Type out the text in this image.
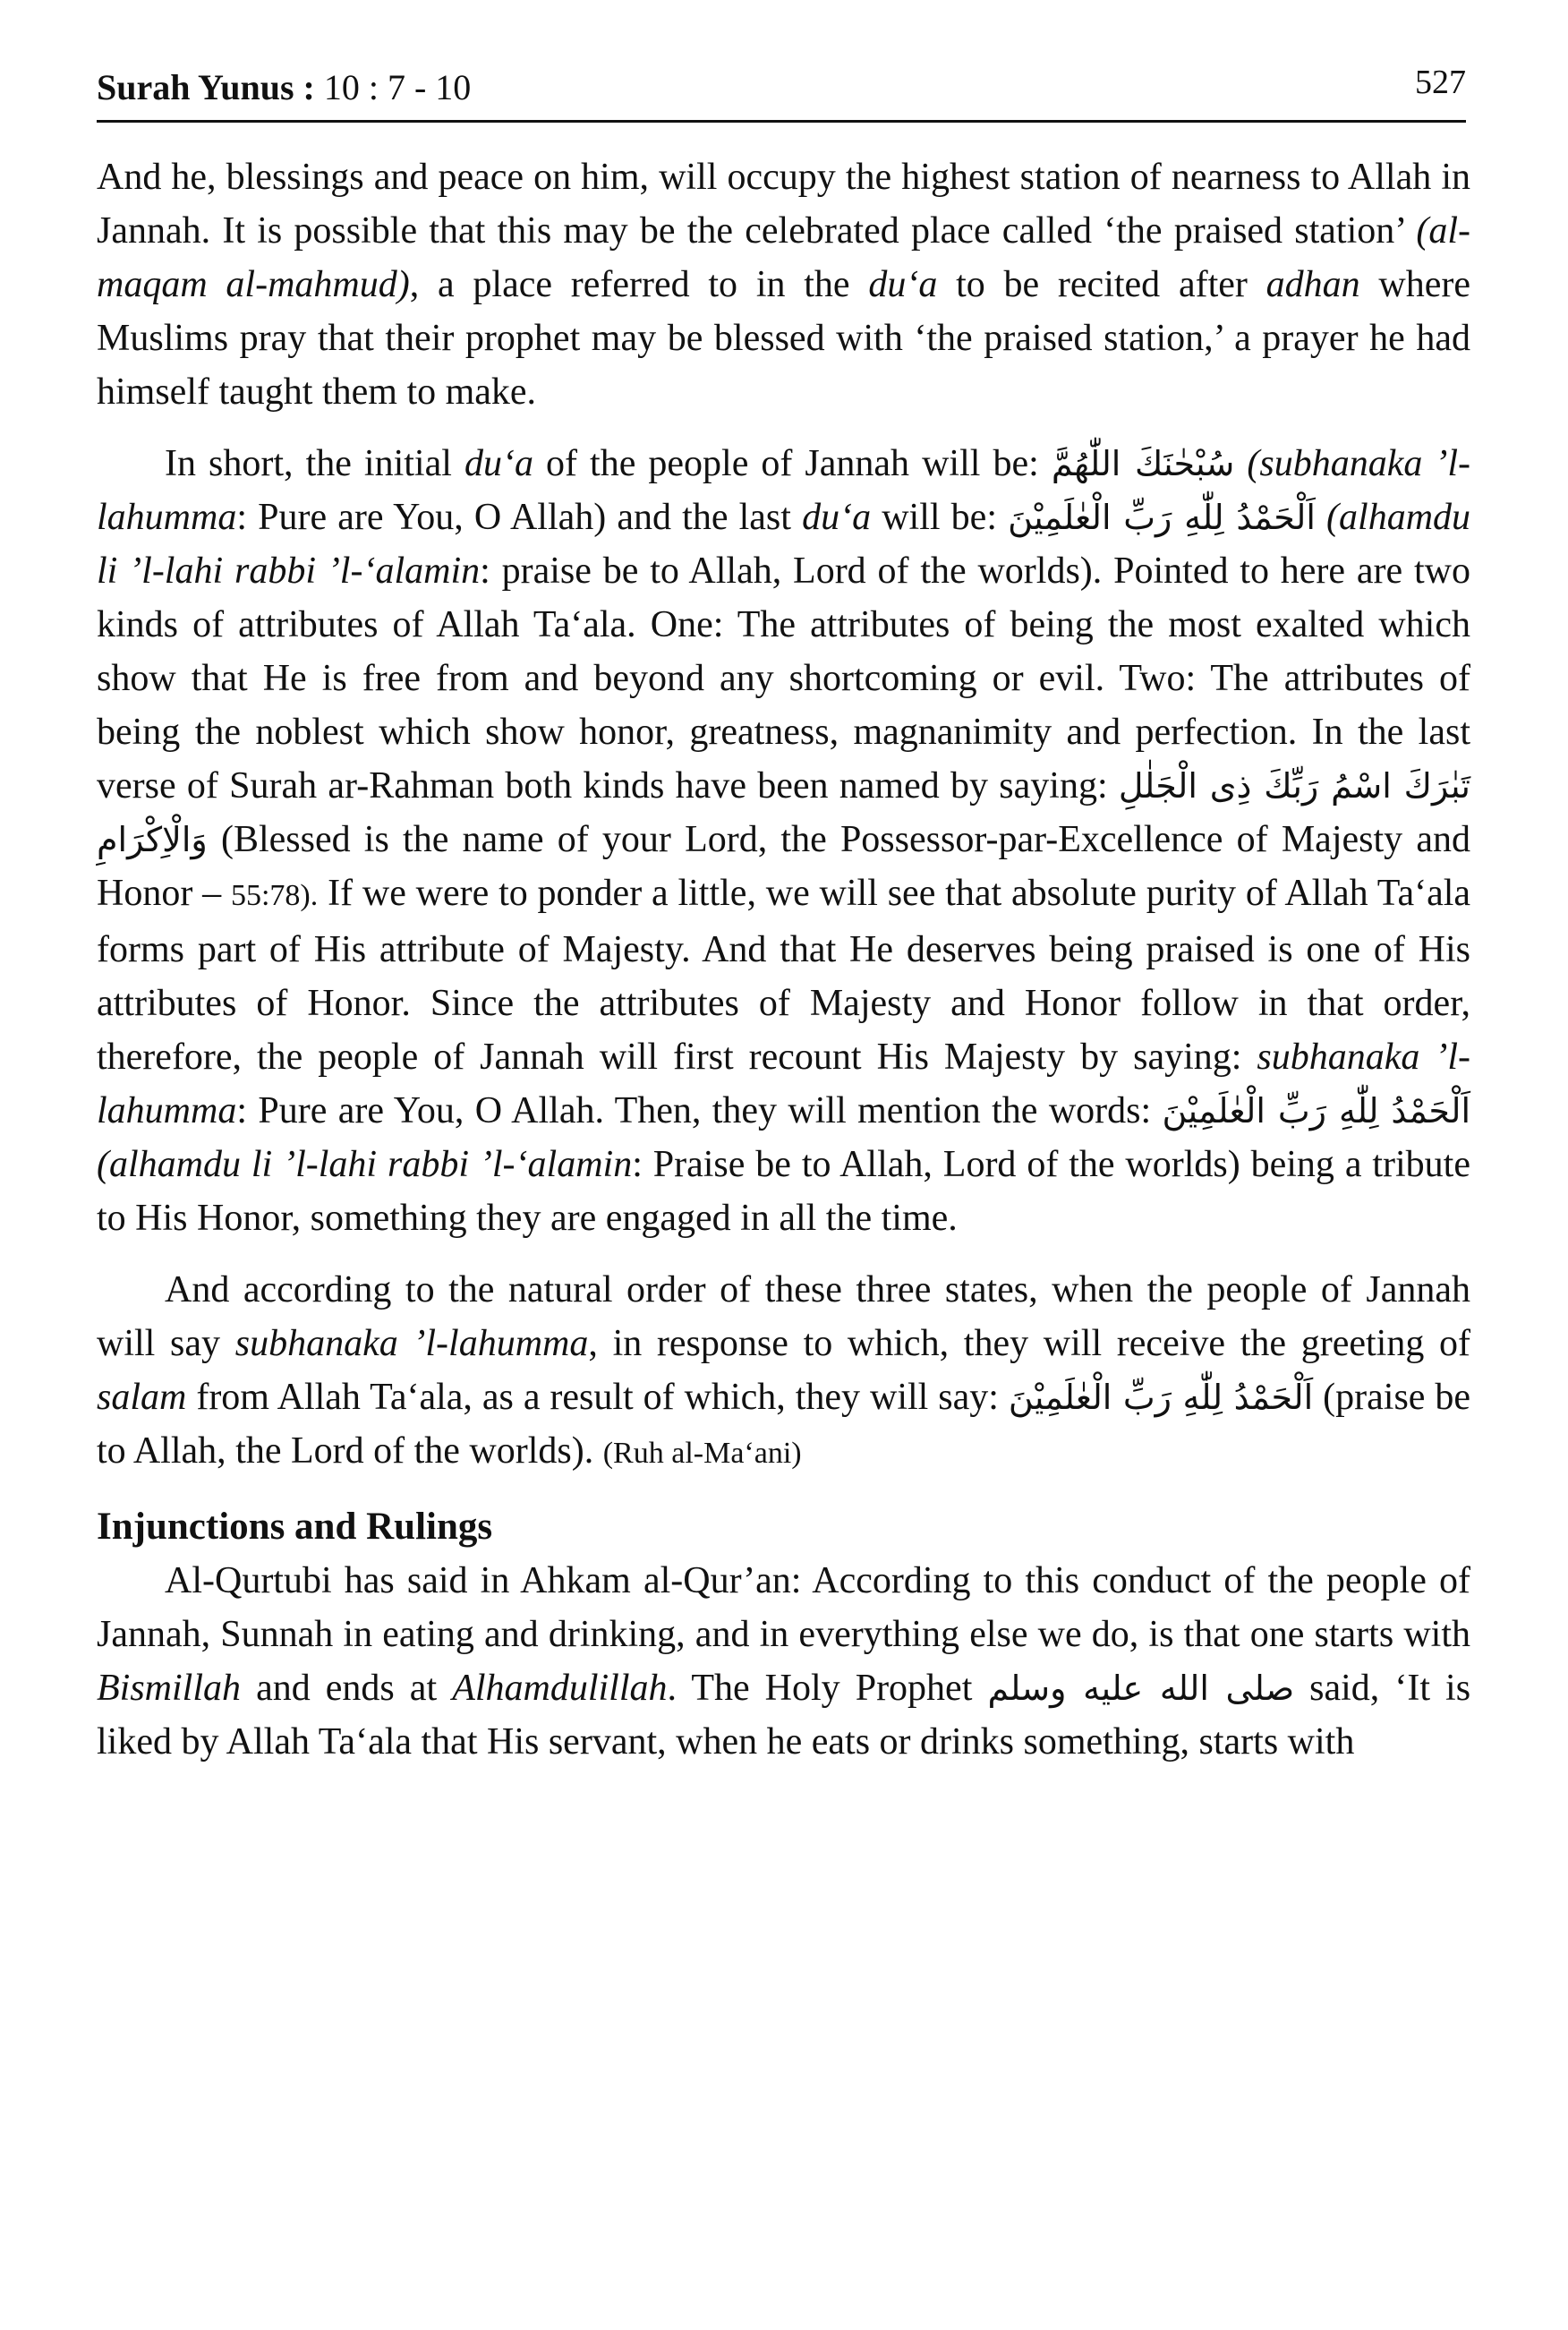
Surah Yunus : 10 : 7 - 10	527

And he, blessings and peace on him, will occupy the highest station of nearness to Allah in Jannah. It is possible that this may be the celebrated place called ‘the praised station’ (al-maqam al-mahmud), a place referred to in the du‘a to be recited after adhan where Muslims pray that their prophet may be blessed with ‘the praised station,’ a prayer he had himself taught them to make.

In short, the initial du‘a of the people of Jannah will be: سُبْحٰنَكَ اللّٰهُمَّ (subhanaka ’l-lahumma: Pure are You, O Allah) and the last du‘a will be: اَلْحَمْدُ لِلّٰهِ رَبِّ الْعٰلَمِيْنَ (alhamdu li ’l-lahi rabbi ’l-‘alamin: praise be to Allah, Lord of the worlds). Pointed to here are two kinds of attributes of Allah Ta‘ala. One: The attributes of being the most exalted which show that He is free from and beyond any shortcoming or evil. Two: The attributes of being the noblest which show honor, greatness, magnanimity and perfection. In the last verse of Surah ar-Rahman both kinds have been named by saying: تَبٰرَكَ اسْمُ رَبِّكَ ذِى الْجَلٰلِ وَالْاِكْرَامِ (Blessed is the name of your Lord, the Possessor-par-Excellence of Majesty and Honor – 55:78). If we were to ponder a little, we will see that absolute purity of Allah Ta‘ala forms part of His attribute of Majesty. And that He deserves being praised is one of His attributes of Honor. Since the attributes of Majesty and Honor follow in that order, therefore, the people of Jannah will first recount His Majesty by saying: subhanaka ’l-lahumma: Pure are You, O Allah. Then, they will mention the words: اَلْحَمْدُ لِلّٰهِ رَبِّ الْعٰلَمِيْنَ (alhamdu li ’l-lahi rabbi ’l-‘alamin: Praise be to Allah, Lord of the worlds) being a tribute to His Honor, something they are engaged in all the time.

And according to the natural order of these three states, when the people of Jannah will say subhanaka ’l-lahumma, in response to which, they will receive the greeting of salam from Allah Ta‘ala, as a result of which, they will say: اَلْحَمْدُ لِلّٰهِ رَبِّ الْعٰلَمِيْنَ (praise be to Allah, the Lord of the worlds). (Ruh al-Ma‘ani)

Injunctions and Rulings

Al-Qurtubi has said in Ahkam al-Qur’an: According to this conduct of the people of Jannah, Sunnah in eating and drinking, and in everything else we do, is that one starts with Bismillah and ends at Alhamdulillah. The Holy Prophet صلى الله عليه وسلم said, ‘It is liked by Allah Ta‘ala that His servant, when he eats or drinks something, starts with
